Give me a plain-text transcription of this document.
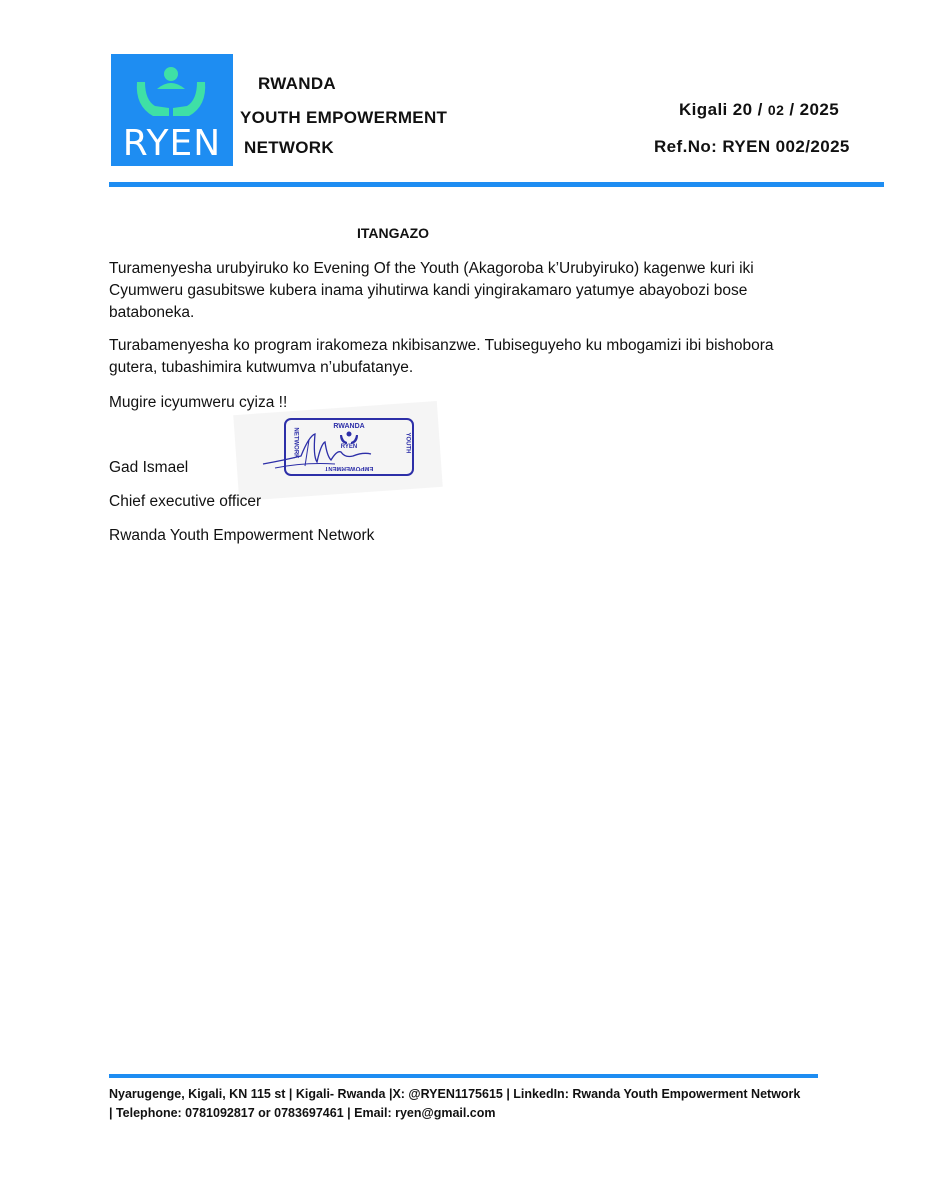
RYEN
RWANDA
YOUTH EMPOWERMENT
NETWORK
Kigali 20 / 02 / 2025
Ref.No: RYEN 002/2025
ITANGAZO
Turamenyesha urubyiruko ko Evening Of the Youth (Akagoroba k’Urubyiruko) kagenwe kuri iki Cyumweru gasubitswe kubera inama yihutirwa kandi yingirakamaro yatumye abayobozi bose bataboneka.
Turabamenyesha ko program irakomeza nkibisanzwe. Tubiseguyeho ku mbogamizi ibi bishobora gutera, tubashimira kutwumva n’ubufatanye.
Mugire icyumweru cyiza !!
RWANDA
RYEN
EMPOWERMENT
NETWORK	YOUTH
Gad Ismael
Chief executive officer
Rwanda Youth Empowerment Network
Nyarugenge, Kigali, KN 115 st | Kigali- Rwanda |X: @RYEN1175615 | LinkedIn: Rwanda Youth Empowerment Network
| Telephone: 0781092817 or 0783697461 | Email: ryen@gmail.com
